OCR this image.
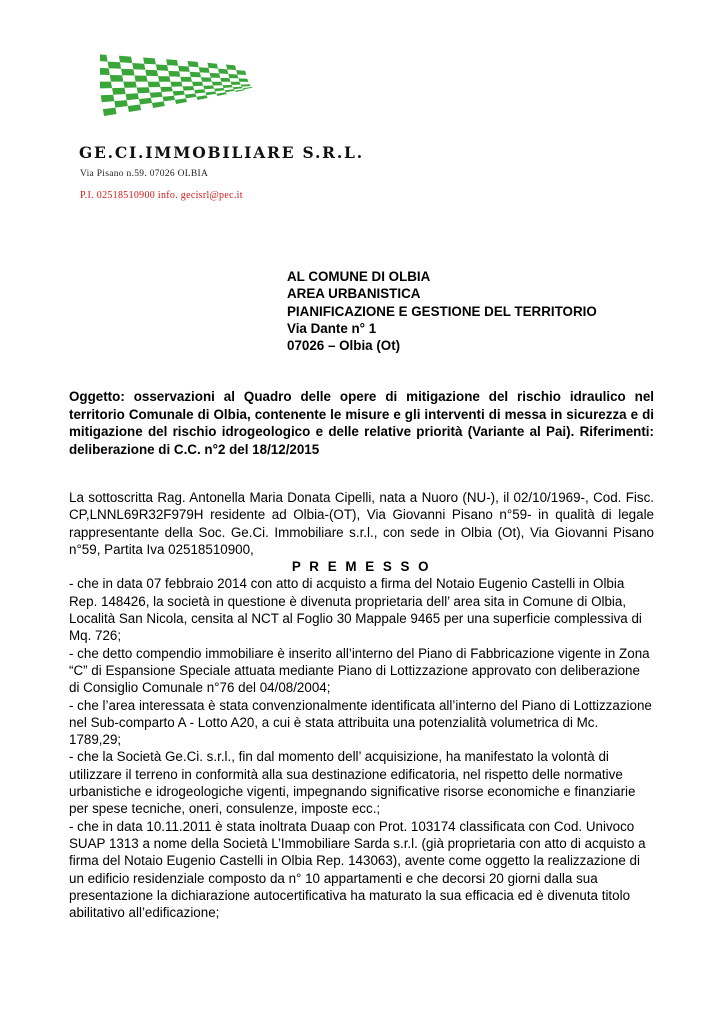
GE.CI.IMMOBILIARE S.R.L.
Via Pisano n.59. 07026 OLBIA
P.I. 02518510900 info. gecisrl@pec.it
AL COMUNE DI OLBIA
AREA URBANISTICA
PIANIFICAZIONE E GESTIONE DEL TERRITORIO
Via Dante n° 1
07026 – Olbia (Ot)
Oggetto: osservazioni al Quadro delle opere di mitigazione del rischio idraulico nel territorio Comunale di Olbia, contenente le misure e gli interventi di messa in sicurezza e di mitigazione del rischio idrogeologico e delle relative priorità (Variante al Pai). Riferimenti: deliberazione di C.C. n°2 del 18/12/2015

La sottoscritta Rag. Antonella Maria Donata Cipelli, nata a Nuoro (NU-), il 02/10/1969-, Cod. Fisc. CP,LNNL69R32F979H residente ad Olbia-(OT), Via Giovanni Pisano n°59- in qualità di legale rappresentante della Soc. Ge.Ci. Immobiliare s.r.l., con sede in Olbia (Ot), Via Giovanni Pisano n°59, Partita Iva 02518510900,

P R E M E S S O

- che in data 07 febbraio 2014 con atto di acquisto a firma del Notaio Eugenio Castelli in Olbia Rep. 148426, la società in questione è divenuta proprietaria dell’ area sita in Comune di Olbia, Località San Nicola, censita al NCT al Foglio 30 Mappale 9465 per una superficie complessiva di Mq. 726;

- che detto compendio immobiliare è inserito all’interno del Piano di Fabbricazione vigente in Zona “C” di Espansione Speciale attuata mediante Piano di Lottizzazione approvato con deliberazione di Consiglio Comunale n°76 del 04/08/2004;

- che l’area interessata è stata convenzionalmente identificata all’interno del Piano di Lottizzazione nel Sub-comparto A - Lotto A20, a cui è stata attribuita una potenzialità volumetrica di Mc. 1789,29;

- che la Società Ge.Ci. s.r.l., fin dal momento dell’ acquisizione, ha manifestato la volontà di utilizzare il terreno in conformità alla sua destinazione edificatoria, nel rispetto delle normative urbanistiche e idrogeologiche vigenti, impegnando significative risorse economiche e finanziarie per spese tecniche, oneri, consulenze, imposte ecc.;

- che in data 10.11.2011 è stata inoltrata Duaap con Prot. 103174 classificata con Cod. Univoco SUAP 1313 a nome della Società L’Immobiliare Sarda s.r.l. (già proprietaria con atto di acquisto a firma del Notaio Eugenio Castelli in Olbia Rep. 143063), avente come oggetto la realizzazione di un edificio residenziale composto da n° 10 appartamenti e che decorsi 20 giorni dalla sua presentazione la dichiarazione autocertificativa ha maturato la sua efficacia ed è divenuta titolo abilitativo all’edificazione;
